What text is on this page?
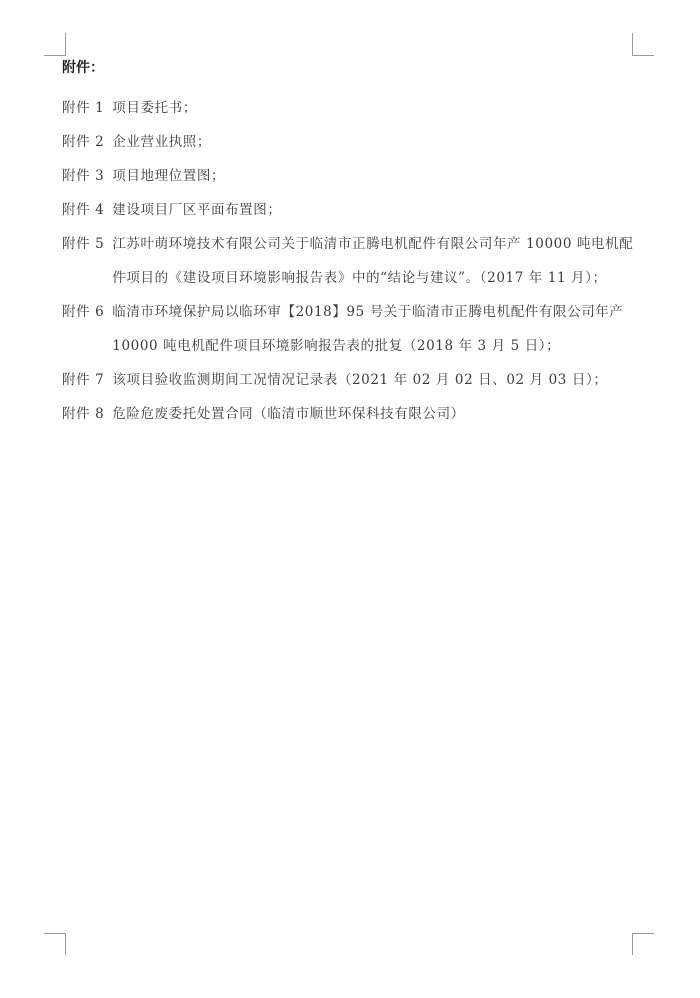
附件：
附件 1 项目委托书；
附件 2 企业营业执照；
附件 3 项目地理位置图；
附件 4 建设项目厂区平面布置图；
附件 5 江苏叶萌环境技术有限公司关于临清市正腾电机配件有限公司年产 10000 吨电机配件项目的《建设项目环境影响报告表》中的“结论与建议”。（2017 年 11 月）；
附件 6 临清市环境保护局以临环审【2018】95 号关于临清市正腾电机配件有限公司年产 10000 吨电机配件项目环境影响报告表的批复（2018 年 3 月 5 日）；
附件 7 该项目验收监测期间工况情况记录表（2021 年 02 月 02 日、02 月 03 日）；
附件 8 危险危废委托处置合同（临清市顺世环保科技有限公司）
